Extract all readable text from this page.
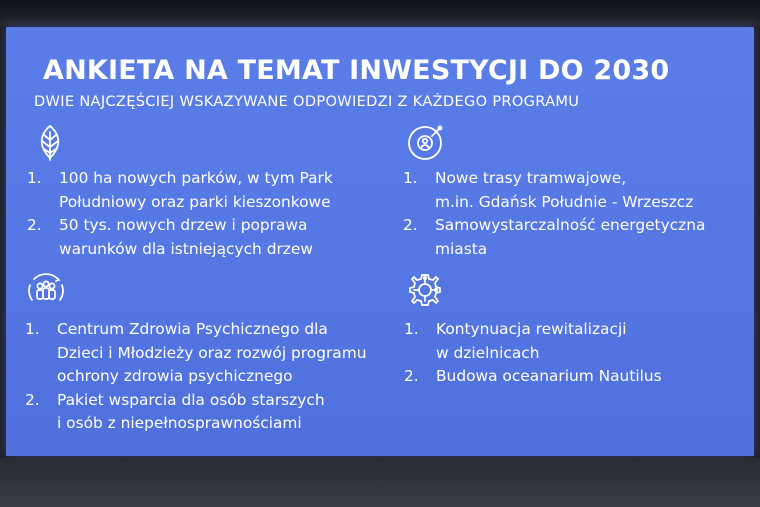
ANKIETA NA TEMAT INWESTYCJI DO 2030
DWIE NAJCZĘŚCIEJ WSKAZYWANE ODPOWIEDZI Z KAŻDEGO PROGRAMU
1. 100 ha nowych parków, w tym Park
Południowy oraz parki kieszonkowe
2. 50 tys. nowych drzew i poprawa
warunków dla istniejących drzew
1. Nowe trasy tramwajowe,
m.in. Gdańsk Południe - Wrzeszcz
2. Samowystarczalność energetyczna
miasta
1. Centrum Zdrowia Psychicznego dla
Dzieci i Młodzieży oraz rozwój programu
ochrony zdrowia psychicznego
2. Pakiet wsparcia dla osób starszych
i osób z niepełnosprawnościami
1. Kontynuacja rewitalizacji
w dzielnicach
2. Budowa oceanarium Nautilus
